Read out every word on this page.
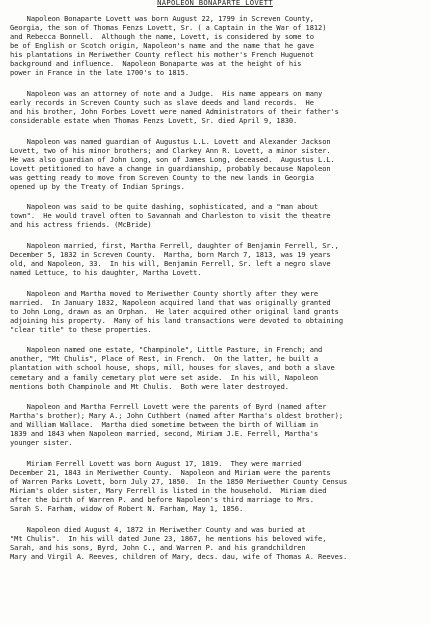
NAPOLEON BONAPARTE LOVETT

Napoleon Bonaparte Lovett was born August 22, 1799 in Screven County,
Georgia, the son of Thomas Fenzs Lovett, Sr. ( a Captain in the War of 1812)
and Rebecca Bonnell.  Although the name, Lovett, is considered by some to
be of English or Scotch origin, Napoleon's name and the name that he gave
his plantations in Meriwether County reflect his mother's French Huguenot
background and influence.  Napoleon Bonaparte was at the height of his
power in France in the late 1700's to 1815.

Napoleon was an attorney of note and a Judge.  His name appears on many
early records in Screven County such as slave deeds and land records.  He
and his brother, John Forbes Lovett were named Administrators of their father's
considerable estate when Thomas Fenzs Lovett, Sr. died April 9, 1830.

Napoleon was named guardian of Augustus L.L. Lovett and Alexander Jackson
Lovett, two of his minor brothers; and Clarkey Ann R. Lovett, a minor sister.
He was also guardian of John Long, son of James Long, deceased.  Augustus L.L.
Lovett petitioned to have a change in guardianship, probably because Napoleon
was getting ready to move from Screven County to the new lands in Georgia
opened up by the Treaty of Indian Springs.

Napoleon was said to be quite dashing, sophisticated, and a "man about
town".  He would travel often to Savannah and Charleston to visit the theatre
and his actress friends. (McBride)

Napoleon married, first, Martha Ferrell, daughter of Benjamin Ferrell, Sr.,
December 5, 1832 in Screven County.  Martha, born March 7, 1813, was 19 years
old, and Napoleon, 33.  In his will, Benjamin Ferrell, Sr. left a negro slave
named Lettuce, to his daughter, Martha Lovett.

Napoleon and Martha moved to Meriwether County shortly after they were
married.  In January 1832, Napoleon acquired land that was originally granted
to John Long, drawn as an Orphan.  He later acquired other original land grants
adjoining his property.  Many of his land transactions were devoted to obtaining
"clear title" to these properties.

Napoleon named one estate, "Champinole", Little Pasture, in French; and
another, "Mt Chulis", Place of Rest, in French.  On the latter, he built a
plantation with school house, shops, mill, houses for slaves, and both a slave
cemetary and a family cemetary plot were set aside.  In his will, Napoleon
mentions both Champinole and Mt Chulis.  Both were later destroyed.

Napoleon and Martha Ferrell Lovett were the parents of Byrd (named after
Martha's brother); Mary A.; John Cuthbert (named after Martha's oldest brother);
and William Wallace.  Martha died sometime between the birth of William in
1839 and 1843 when Napoleon married, second, Miriam J.E. Ferrell, Martha's
younger sister.

Miriam Ferrell Lovett was born August 17, 1819.  They were married
December 21, 1843 in Meriwether County.  Napoleon and Miriam were the parents
of Warren Parks Lovett, born July 27, 1850.  In the 1850 Meriwether County Census
Miriam's older sister, Mary Ferrell is listed in the household.  Miriam died
after the birth of Warren P. and before Napoleon's third marriage to Mrs.
Sarah S. Farham, widow of Robert N. Farham, May 1, 1856.

Napoleon died August 4, 1872 in Meriwether County and was buried at
"Mt Chulis".  In his will dated June 23, 1867, he mentions his beloved wife,
Sarah, and his sons, Byrd, John C., and Warren P. and his grandchildren
Mary and Virgil A. Reeves, children of Mary, decs. dau, wife of Thomas A. Reeves.
